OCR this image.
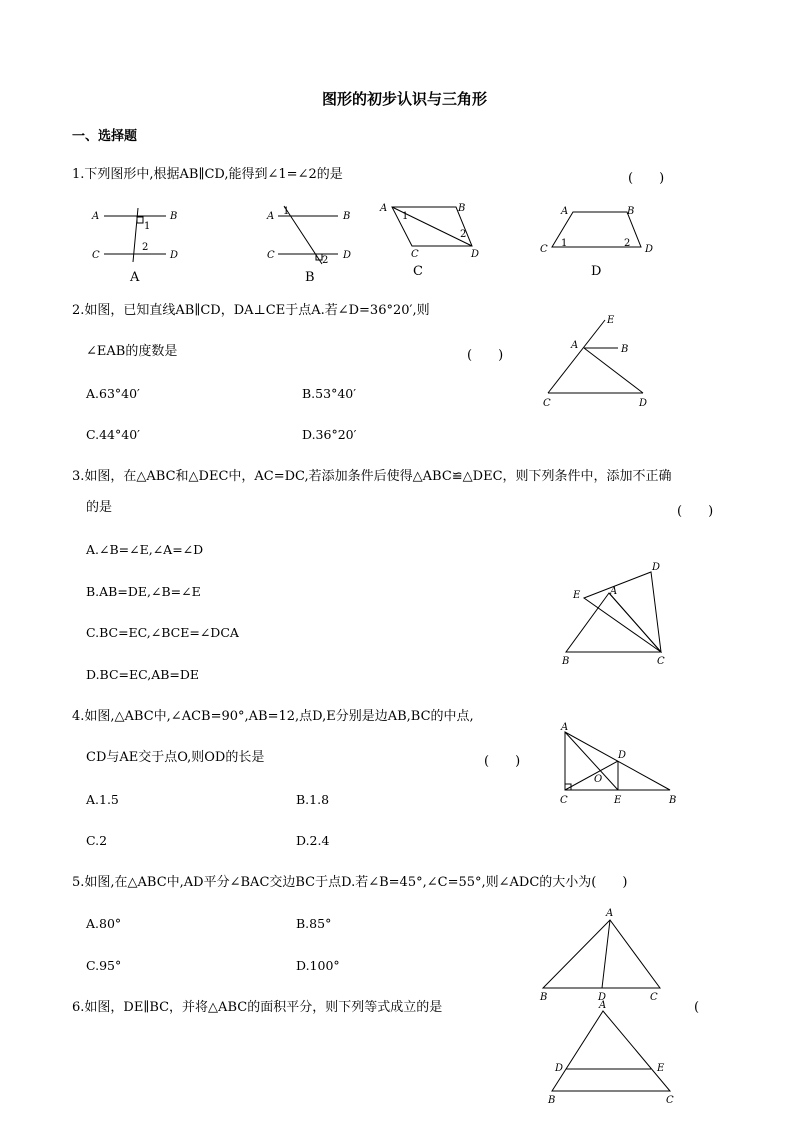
图形的初步认识与三角形
一、选择题
1.下列图形中,根据AB∥CD,能得到∠1=∠2的是	(　　)
A	B
C	D
1
2
A
A	B
C	D
1
2
B
A	B
C	D
1
2
C
A	B
C	D
1	2
D
E
A	B
C	D
D
E	A
B	C
A
D
O
C	E	B
A
B	D	C
A
D	E
B	C
2.如图，已知直线AB∥CD，DA⊥CE于点A.若∠D=36°20′,则
∠EAB的度数是	(　　)
A.63°40′	B.53°40′
C.44°40′	D.36°20′
3.如图，在△ABC和△DEC中，AC=DC,若添加条件后使得△ABC≌△DEC，则下列条件中，添加不正确
的是	(　　)
A.∠B=∠E,∠A=∠D
B.AB=DE,∠B=∠E
C.BC=EC,∠BCE=∠DCA
D.BC=EC,AB=DE
4.如图,△ABC中,∠ACB=90°,AB=12,点D,E分别是边AB,BC的中点,
CD与AE交于点O,则OD的长是	(　　)
A.1.5	B.1.8
C.2	D.2.4
5.如图,在△ABC中,AD平分∠BAC交边BC于点D.若∠B=45°,∠C=55°,则∠ADC的大小为(　　)
A.80°	B.85°
C.95°	D.100°
6.如图，DE∥BC，并将△ABC的面积平分，则下列等式成立的是	(
